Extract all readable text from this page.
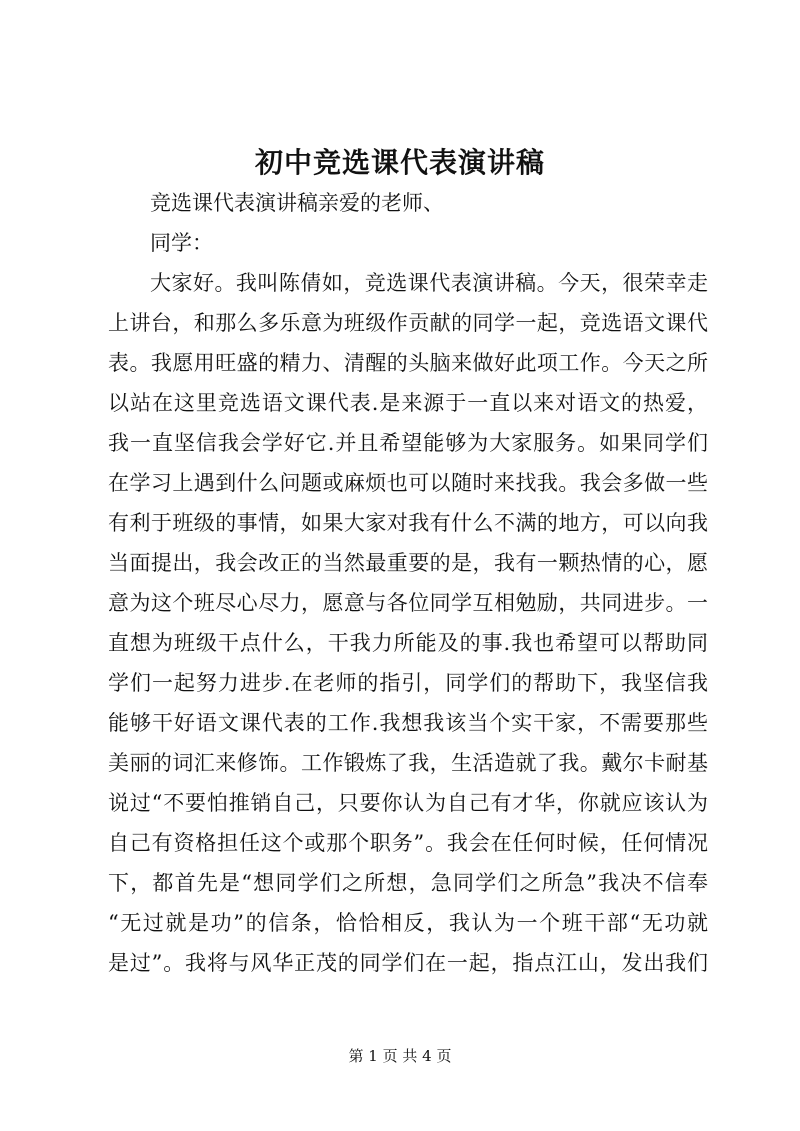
初中竞选课代表演讲稿

竞选课代表演讲稿亲爱的老师、

同学：

大家好。我叫陈倩如，竞选课代表演讲稿。今天，很荣幸走

上讲台，和那么多乐意为班级作贡献的同学一起，竞选语文课代

表。我愿用旺盛的精力、清醒的头脑来做好此项工作。今天之所

以站在这里竞选语文课代表.是来源于一直以来对语文的热爱，

我一直坚信我会学好它.并且希望能够为大家服务。如果同学们

在学习上遇到什么问题或麻烦也可以随时来找我。我会多做一些

有利于班级的事情，如果大家对我有什么不满的地方，可以向我

当面提出，我会改正的当然最重要的是，我有一颗热情的心，愿

意为这个班尽心尽力，愿意与各位同学互相勉励，共同进步。一

直想为班级干点什么，干我力所能及的事.我也希望可以帮助同

学们一起努力进步.在老师的指引，同学们的帮助下，我坚信我

能够干好语文课代表的工作.我想我该当个实干家，不需要那些

美丽的词汇来修饰。工作锻炼了我，生活造就了我。戴尔卡耐基

说过“不要怕推销自己，只要你认为自己有才华，你就应该认为

自己有资格担任这个或那个职务”。我会在任何时候，任何情况

下，都首先是“想同学们之所想，急同学们之所急”我决不信奉

“无过就是功”的信条，恰恰相反，我认为一个班干部“无功就

是过”。我将与风华正茂的同学们在一起，指点江山，发出我们

第 1 页 共 4 页
